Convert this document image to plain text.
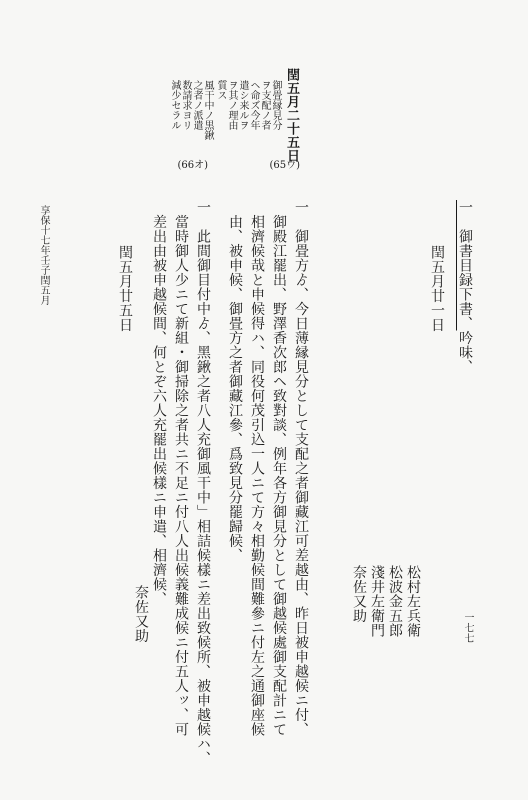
一七七
一　御書目録下書、吟味、
閏五月廿一日
松村左兵衛
松波金五郎
淺井左衛門
奈佐又助
一　御畳方ゟ、今日薄縁見分として支配之者御藏江可差越由、昨日被申越候ニ付、
　御殿江罷出、野澤香次郎ヘ致對談、例年各方御見分として御越候處御支配計ニて
　相濟候哉と申候得ハ、同役何茂引込一人ニて方々相勤候間難參ニ付左之通御座候
　由、被申候、御畳方之者御藏江參、爲致見分罷歸候、
一　此間御目付中ゟ、黑鍬之者八人充御風干中」相詰候樣ニ差出致候所、被申越候ハ、
　當時御人少ニて新組・御掃除之者共ニ不足ニ付八人出候義難成候ニ付五人ッ、可
　差出由被申越候間、何とぞ六人充罷出候樣ニ申遣、相濟候、
奈佐又助
閏五月廿五日
享保十七年壬子閏五月
閏五月二十五日
御畳縁見分
ヲ支配ノ者
ヘ命ズ今年
遣シ来ルヲ
ヲ其ノ理由
質ス
(65ウ)
風干中ノ黒鍬
之者ノ派遣
数請求ヨリ
減少セラル
(66オ)
